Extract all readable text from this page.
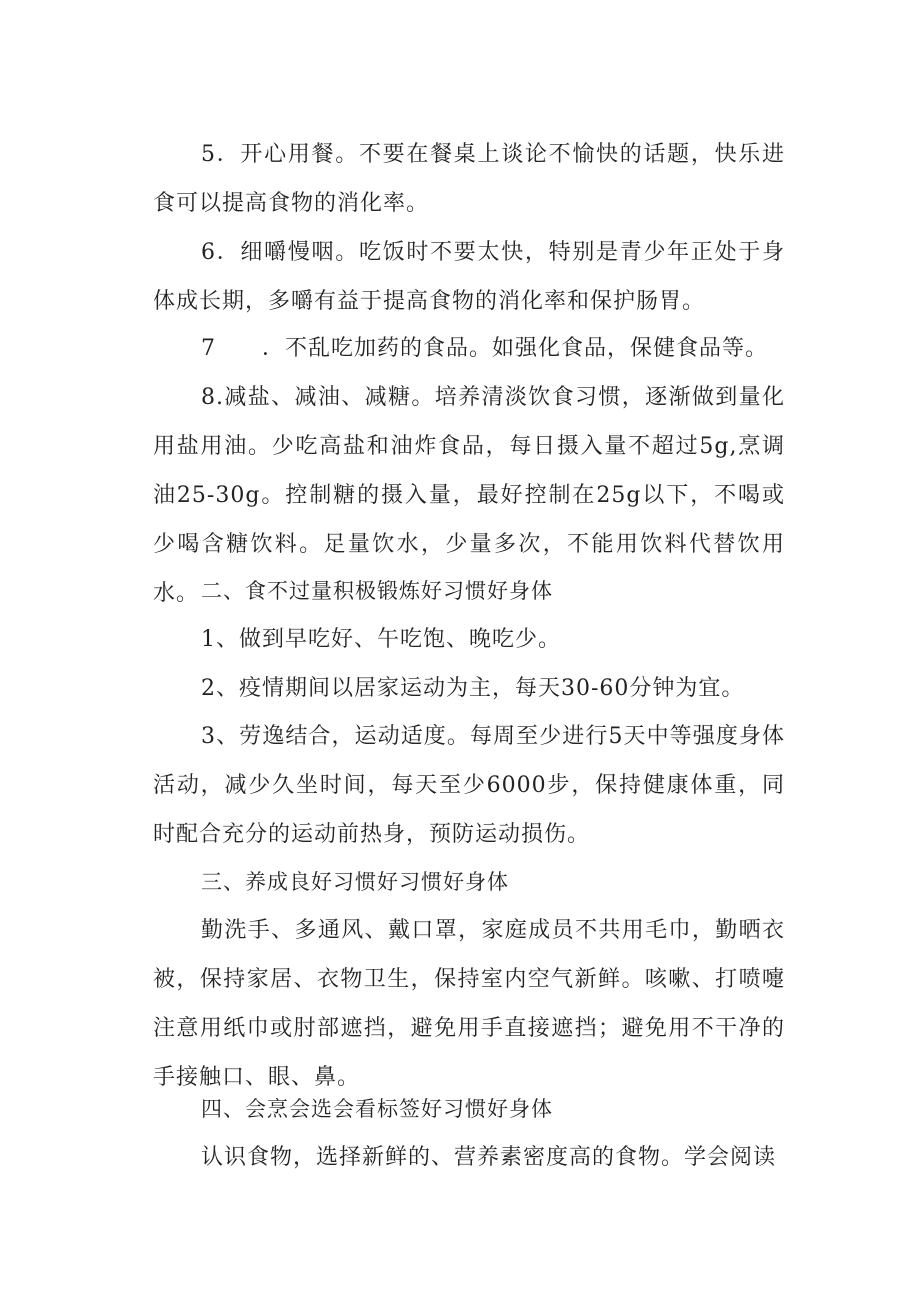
5．开心用餐。不要在餐桌上谈论不愉快的话题，快乐进食可以提高食物的消化率。

6．细嚼慢咽。吃饭时不要太快，特别是青少年正处于身体成长期，多嚼有益于提高食物的消化率和保护肠胃。

7　　．不乱吃加药的食品。如强化食品，保健食品等。

8.减盐、减油、减糖。培养清淡饮食习惯，逐渐做到量化用盐用油。少吃高盐和油炸食品，每日摄入量不超过5g,烹调油25-30g。控制糖的摄入量，最好控制在25g以下，不喝或少喝含糖饮料。足量饮水，少量多次，不能用饮料代替饮用水。 二、食不过量积极锻炼好习惯好身体

1、做到早吃好、午吃饱、晚吃少。

2、疫情期间以居家运动为主，每天30-60分钟为宜。

3、劳逸结合，运动适度。每周至少进行5天中等强度身体活动，减少久坐时间，每天至少6000步，保持健康体重，同时配合充分的运动前热身，预防运动损伤。

三、养成良好习惯好习惯好身体

勤洗手、多通风、戴口罩，家庭成员不共用毛巾，勤晒衣被，保持家居、衣物卫生，保持室内空气新鲜。咳嗽、打喷嚏注意用纸巾或肘部遮挡，避免用手直接遮挡；避免用不干净的手接触口、眼、鼻。

四、会烹会选会看标签好习惯好身体

认识食物，选择新鲜的、营养素密度高的食物。学会阅读
